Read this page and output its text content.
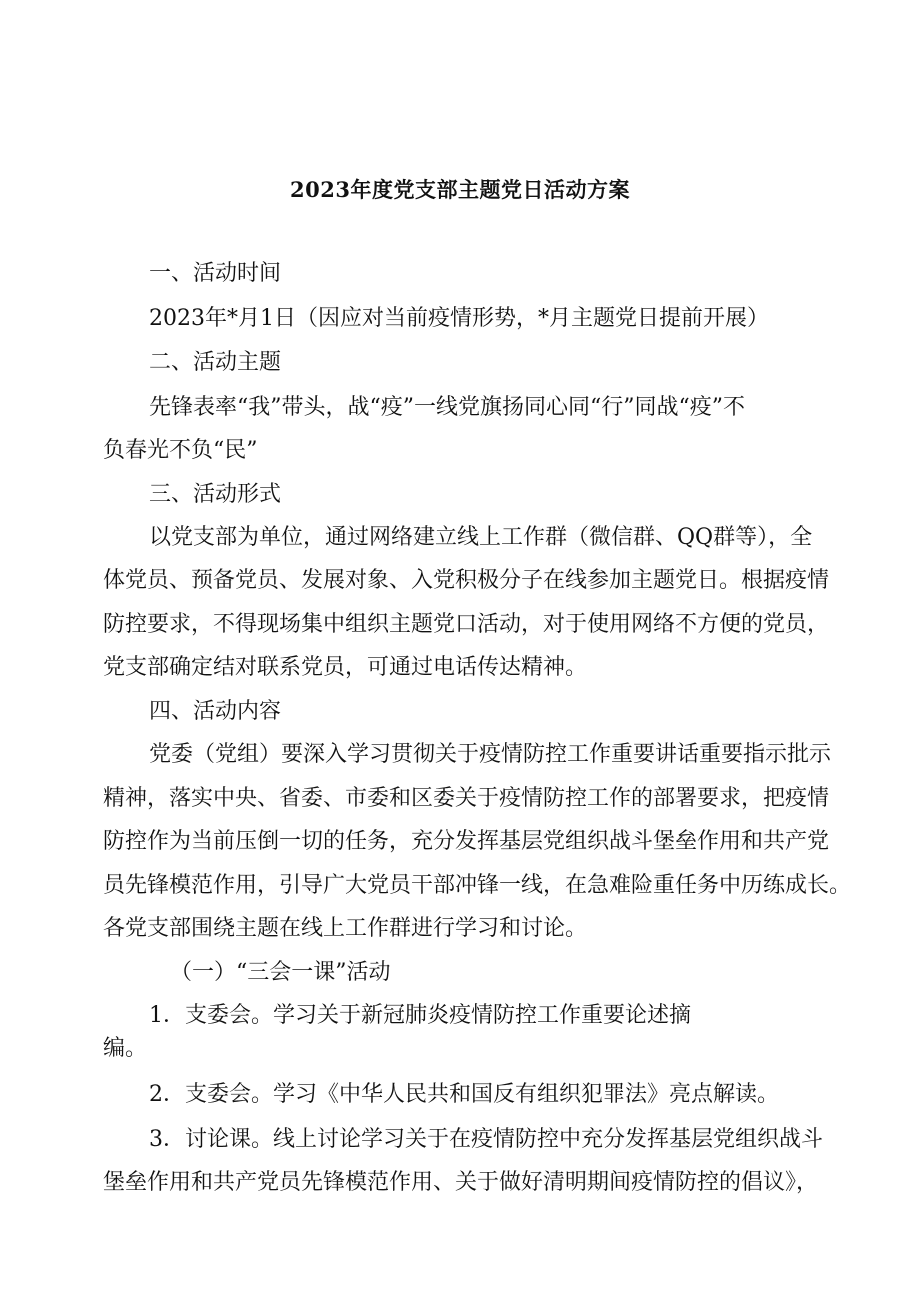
2023年度党支部主题党日活动方案

一、活动时间

2023年*月1日（因应对当前疫情形势，*月主题党日提前开展）

二、活动主题

先锋表率“我”带头，战“疫”一线党旗扬同心同“行”同战“疫”不

负春光不负“民”

三、活动形式

以党支部为单位，通过网络建立线上工作群（微信群、QQ群等），全

体党员、预备党员、发展对象、入党积极分子在线参加主题党日。根据疫情

防控要求，不得现场集中组织主题党口活动，对于使用网络不方便的党员，

党支部确定结对联系党员，可通过电话传达精神。

四、活动内容

党委（党组）要深入学习贯彻关于疫情防控工作重要讲话重要指示批示

精神，落实中央、省委、市委和区委关于疫情防控工作的部署要求，把疫情

防控作为当前压倒一切的任务，充分发挥基层党组织战斗堡垒作用和共产党

员先锋模范作用，引导广大党员干部冲锋一线，在急难险重任务中历练成长。

各党支部围绕主题在线上工作群进行学习和讨论。

（一）“三会一课”活动

1．支委会。学习关于新冠肺炎疫情防控工作重要论述摘

编。

2．支委会。学习《中华人民共和国反有组织犯罪法》亮点解读。

3．讨论课。线上讨论学习关于在疫情防控中充分发挥基层党组织战斗

堡垒作用和共产党员先锋模范作用、关于做好清明期间疫情防控的倡议》，
